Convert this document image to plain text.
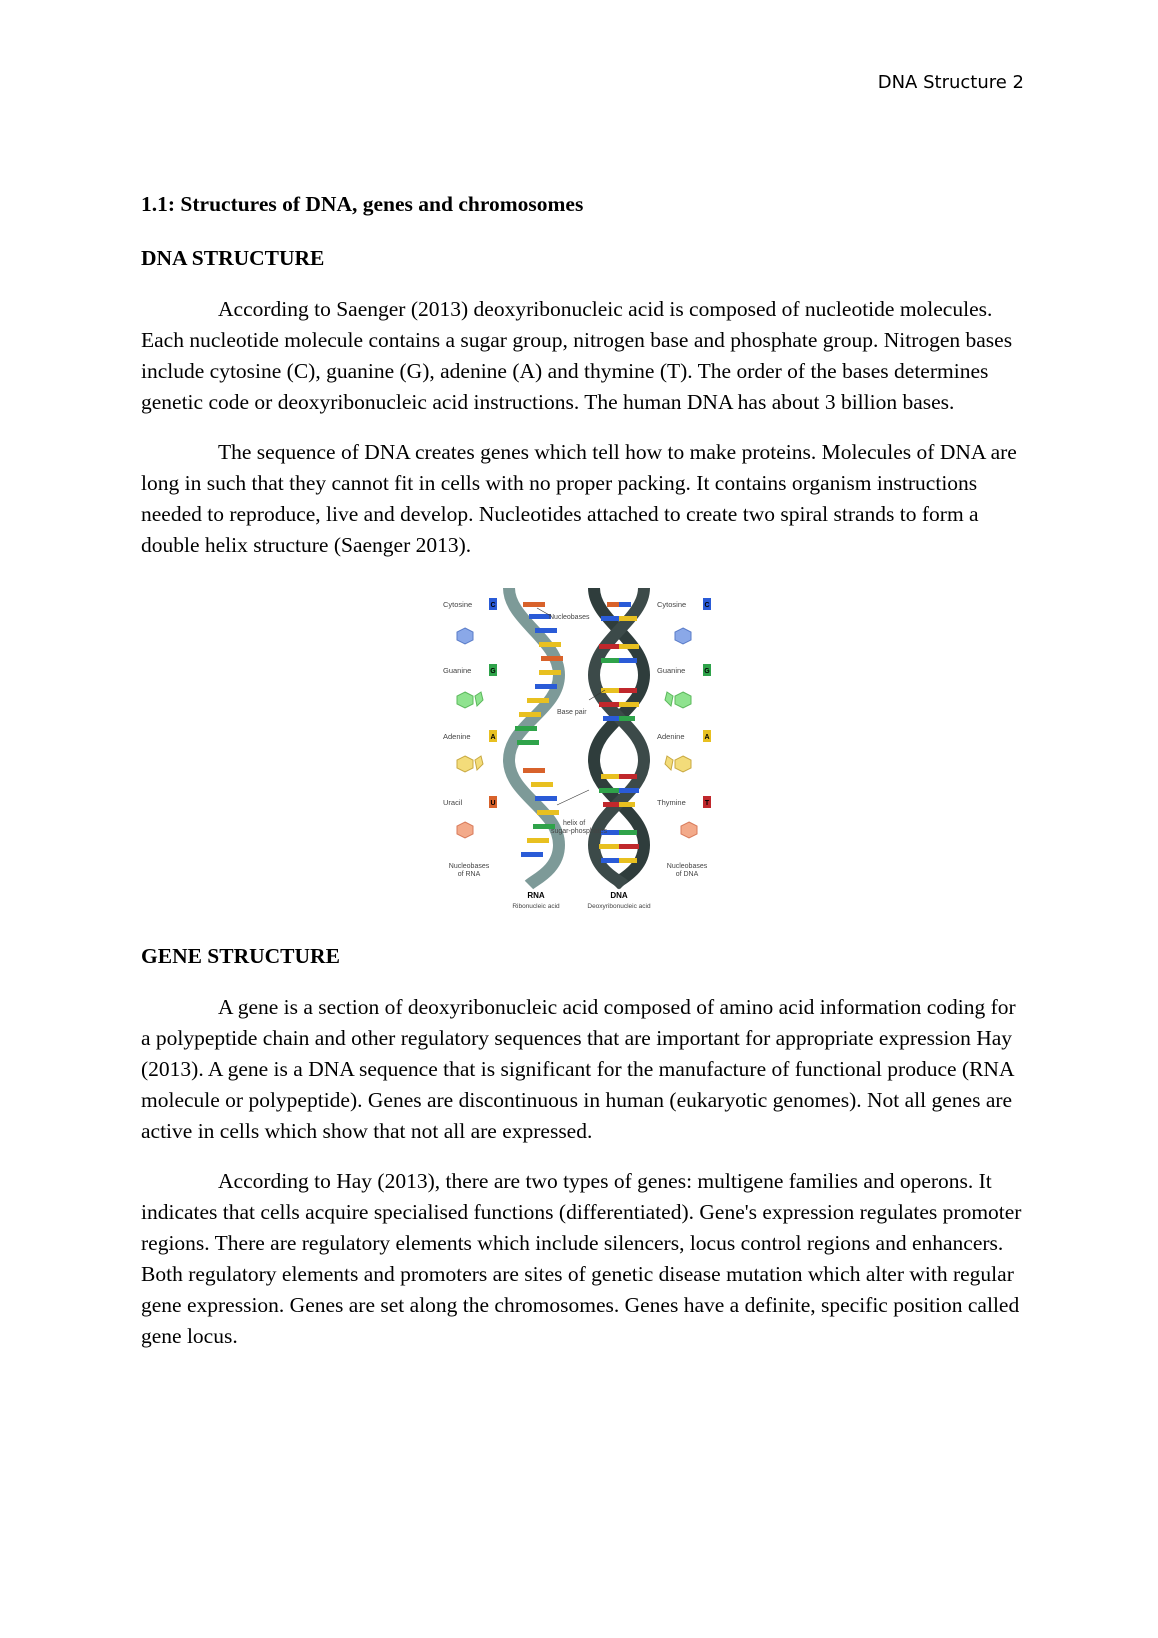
DNA Structure 2
1.1: Structures of DNA, genes and chromosomes
DNA STRUCTURE

According to Saenger (2013) deoxyribonucleic acid is composed of nucleotide molecules. Each nucleotide molecule contains a sugar group, nitrogen base and phosphate group. Nitrogen bases include cytosine (C), guanine (G), adenine (A) and thymine (T). The order of the bases determines genetic code or deoxyribonucleic acid instructions. The human DNA has about 3 billion bases.

The sequence of DNA creates genes which tell how to make proteins. Molecules of DNA are long in such that they cannot fit in cells with no proper packing. It contains organism instructions needed to reproduce, live and develop. Nucleotides attached to create two spiral strands to form a double helix structure (Saenger 2013).

Cytosine
Guanine
Adenine
Uracil
C
G
A
U
Nucleobases
of RNA
Nucleobases
Base pair
helix of
sugar-phosphates
Cytosine
Guanine
Adenine
Thymine
C
G
A
T
Nucleobases
of DNA
RNA
Ribonucleic acid
DNA
Deoxyribonucleic acid
GENE STRUCTURE

A gene is a section of deoxyribonucleic acid composed of amino acid information coding for a polypeptide chain and other regulatory sequences that are important for appropriate expression Hay (2013). A gene is a DNA sequence that is significant for the manufacture of functional produce (RNA molecule or polypeptide). Genes are discontinuous in human (eukaryotic genomes). Not all genes are active in cells which show that not all are expressed.

According to Hay (2013), there are two types of genes: multigene families and operons. It indicates that cells acquire specialised functions (differentiated). Gene's expression regulates promoter regions. There are regulatory elements which include silencers, locus control regions and enhancers. Both regulatory elements and promoters are sites of genetic disease mutation which alter with regular gene expression. Genes are set along the chromosomes. Genes have a definite, specific position called gene locus.
